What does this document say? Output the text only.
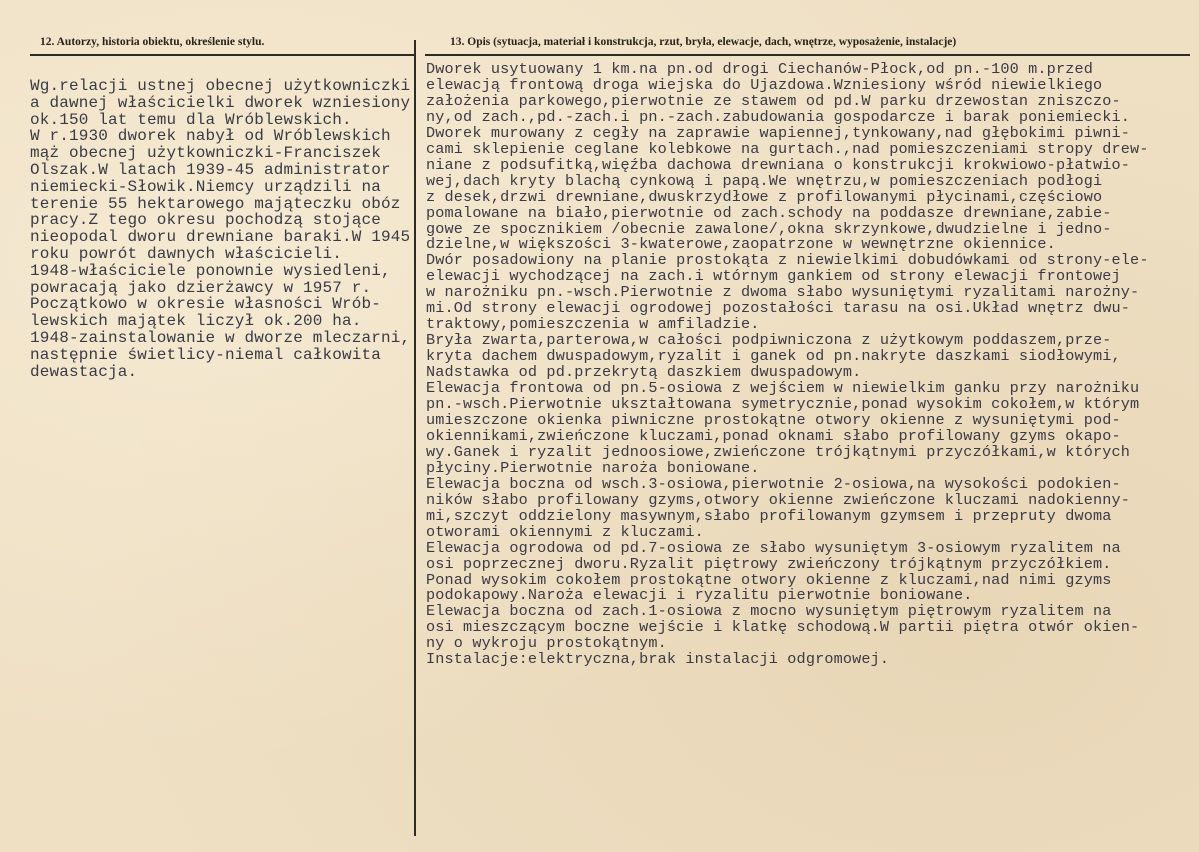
12. Autorzy, historia obiektu, określenie stylu.	13. Opis (sytuacja, materiał i konstrukcja, rzut, bryła, elewacje, dach, wnętrze, wyposażenie, instalacje)
Wg.relacji ustnej obecnej użytkowniczki
a dawnej właścicielki dworek wzniesiony
ok.150 lat temu dla Wróblewskich.
W r.1930 dworek nabył od Wróblewskich
mąż obecnej użytkowniczki-Franciszek
Olszak.W latach 1939-45 administrator
niemiecki-Słowik.Niemcy urządzili na
terenie 55 hektarowego mająteczku obóz
pracy.Z tego okresu pochodzą stojące
nieopodal dworu drewniane baraki.W 1945
roku powrót dawnych właścicieli.
1948-właściciele ponownie wysiedleni,
powracają jako dzierżawcy w 1957 r.
Początkowo w okresie własności Wrób-
lewskich majątek liczył ok.200 ha.
1948-zainstalowanie w dworze mleczarni,
następnie świetlicy-niemal całkowita
dewastacja.
Dworek usytuowany 1 km.na pn.od drogi Ciechanów-Płock,od pn.-100 m.przed
elewacją frontową droga wiejska do Ujazdowa.Wzniesiony wśród niewielkiego
założenia parkowego,pierwotnie ze stawem od pd.W parku drzewostan zniszczo-
ny,od zach.,pd.-zach.i pn.-zach.zabudowania gospodarcze i barak poniemiecki.
Dworek murowany z cegły na zaprawie wapiennej,tynkowany,nad głębokimi piwni-
cami sklepienie ceglane kolebkowe na gurtach.,nad pomieszczeniami stropy drew-
niane z podsufitką,więźba dachowa drewniana o konstrukcji krokwiowo-płatwio-
wej,dach kryty blachą cynkową i papą.We wnętrzu,w pomieszczeniach podłogi
z desek,drzwi drewniane,dwuskrzydłowe z profilowanymi płycinami,częściowo
pomalowane na biało,pierwotnie od zach.schody na poddasze drewniane,zabie-
gowe ze spocznikiem /obecnie zawalone/,okna skrzynkowe,dwudzielne i jedno-
dzielne,w większości 3-kwaterowe,zaopatrzone w wewnętrzne okiennice.
Dwór posadowiony na planie prostokąta z niewielkimi dobudówkami od strony-ele-
elewacji wychodzącej na zach.i wtórnym gankiem od strony elewacji frontowej
w narożniku pn.-wsch.Pierwotnie z dwoma słabo wysuniętymi ryzalitami narożny-
mi.Od strony elewacji ogrodowej pozostałości tarasu na osi.Układ wnętrz dwu-
traktowy,pomieszczenia w amfiladzie.
Bryła zwarta,parterowa,w całości podpiwniczona z użytkowym poddaszem,prze-
kryta dachem dwuspadowym,ryzalit i ganek od pn.nakryte daszkami siodłowymi,
Nadstawka od pd.przekrytą daszkiem dwuspadowym.
Elewacja frontowa od pn.5-osiowa z wejściem w niewielkim ganku przy narożniku
pn.-wsch.Pierwotnie ukształtowana symetrycznie,ponad wysokim cokołem,w którym
umieszczone okienka piwniczne prostokątne otwory okienne z wysuniętymi pod-
okiennikami,zwieńczone kluczami,ponad oknami słabo profilowany gzyms okapo-
wy.Ganek i ryzalit jednoosiowe,zwieńczone trójkątnymi przyczółkami,w których
płyciny.Pierwotnie naroża boniowane.
Elewacja boczna od wsch.3-osiowa,pierwotnie 2-osiowa,na wysokości podokien-
ników słabo profilowany gzyms,otwory okienne zwieńczone kluczami nadokienny-
mi,szczyt oddzielony masywnym,słabo profilowanym gzymsem i przepruty dwoma
otworami okiennymi z kluczami.
Elewacja ogrodowa od pd.7-osiowa ze słabo wysuniętym 3-osiowym ryzalitem na
osi poprzecznej dworu.Ryzalit piętrowy zwieńczony trójkątnym przyczółkiem.
Ponad wysokim cokołem prostokątne otwory okienne z kluczami,nad nimi gzyms
podokapowy.Naroża elewacji i ryzalitu pierwotnie boniowane.
Elewacja boczna od zach.1-osiowa z mocno wysuniętym piętrowym ryzalitem na
osi mieszczącym boczne wejście i klatkę schodową.W partii piętra otwór okien-
ny o wykroju prostokątnym.
Instalacje:elektryczna,brak instalacji odgromowej.
